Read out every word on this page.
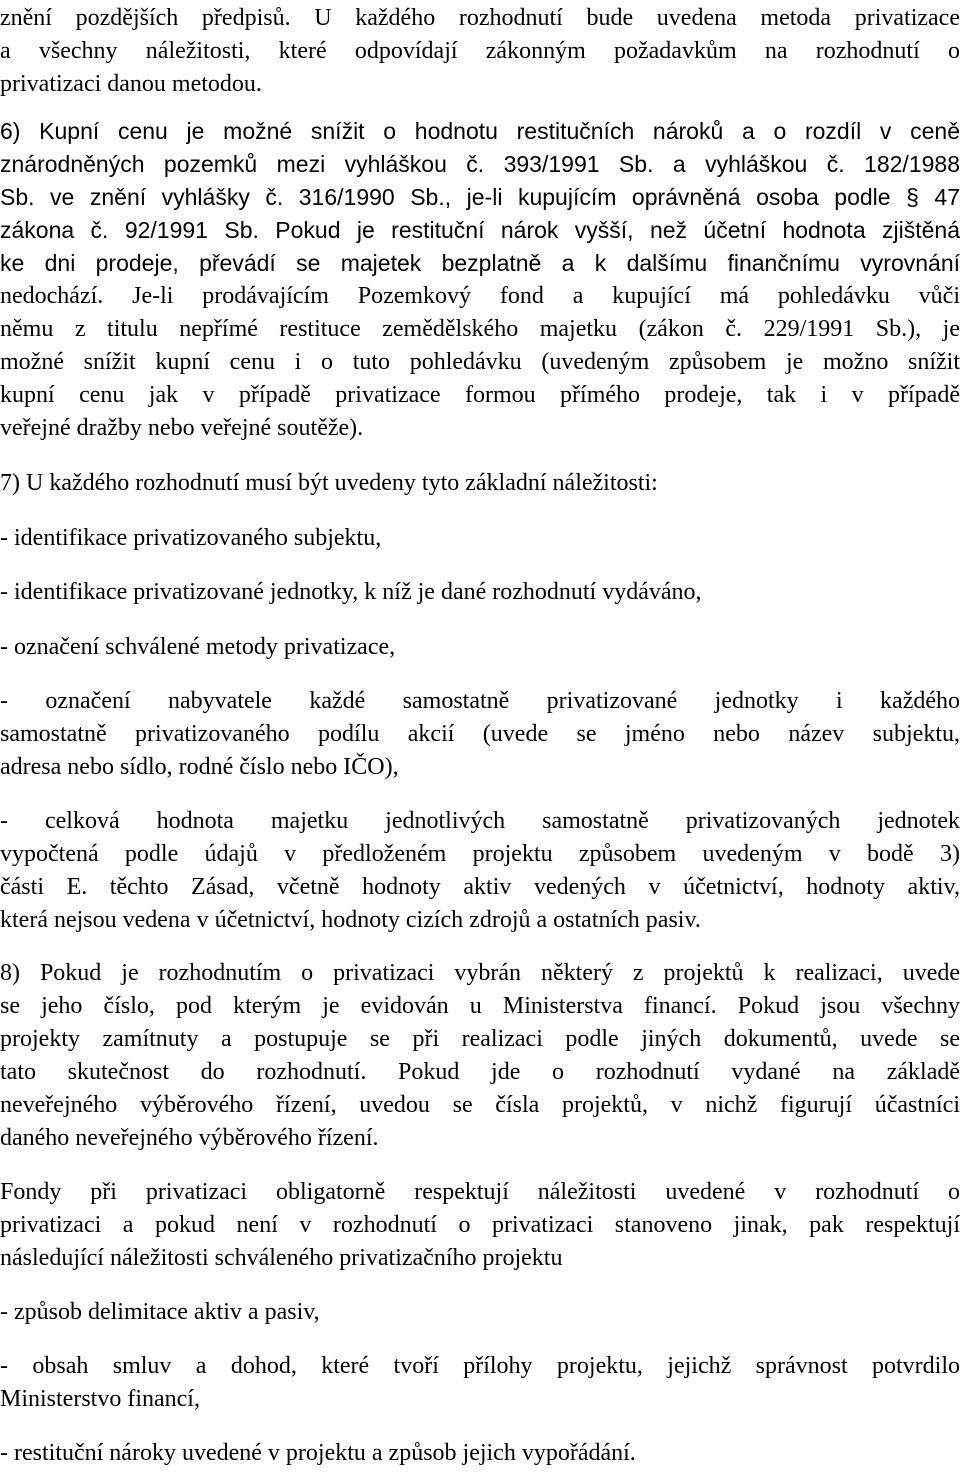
znění pozdějších předpisů. U každého rozhodnutí bude uvedena metoda privatizace
a všechny náležitosti, které odpovídají zákonným požadavkům na rozhodnutí o
privatizaci danou metodou.
6) Kupní cenu je možné snížit o hodnotu restitučních nároků a o rozdíl v ceně
znárodněných pozemků mezi vyhláškou č. 393/1991 Sb. a vyhláškou č. 182/1988
Sb. ve znění vyhlášky č. 316/1990 Sb., je-li kupujícím oprávněná osoba podle § 47
zákona č. 92/1991 Sb. Pokud je restituční nárok vyšší, než účetní hodnota zjištěná
ke dni prodeje, převádí se majetek bezplatně a k dalšímu finančnímu vyrovnání
nedochází. Je-li prodávajícím Pozemkový fond a kupující má pohledávku vůči
němu z titulu nepřímé restituce zemědělského majetku (zákon č. 229/1991 Sb.), je
možné snížit kupní cenu i o tuto pohledávku (uvedeným způsobem je možno snížit
kupní cenu jak v případě privatizace formou přímého prodeje, tak i v případě
veřejné dražby nebo veřejné soutěže).
7) U každého rozhodnutí musí být uvedeny tyto základní náležitosti:
- identifikace privatizovaného subjektu,
- identifikace privatizované jednotky, k níž je dané rozhodnutí vydáváno,
- označení schválené metody privatizace,
- označení nabyvatele každé samostatně privatizované jednotky i každého
samostatně privatizovaného podílu akcií (uvede se jméno nebo název subjektu,
adresa nebo sídlo, rodné číslo nebo IČO),
- celková hodnota majetku jednotlivých samostatně privatizovaných jednotek
vypočtená podle údajů v předloženém projektu způsobem uvedeným v bodě 3)
části E. těchto Zásad, včetně hodnoty aktiv vedených v účetnictví, hodnoty aktiv,
která nejsou vedena v účetnictví, hodnoty cizích zdrojů a ostatních pasiv.
8) Pokud je rozhodnutím o privatizaci vybrán některý z projektů k realizaci, uvede
se jeho číslo, pod kterým je evidován u Ministerstva financí. Pokud jsou všechny
projekty zamítnuty a postupuje se při realizaci podle jiných dokumentů, uvede se
tato skutečnost do rozhodnutí. Pokud jde o rozhodnutí vydané na základě
neveřejného výběrového řízení, uvedou se čísla projektů, v nichž figurují účastníci
daného neveřejného výběrového řízení.
Fondy při privatizaci obligatorně respektují náležitosti uvedené v rozhodnutí o
privatizaci a pokud není v rozhodnutí o privatizaci stanoveno jinak, pak respektují
následující náležitosti schváleného privatizačního projektu
- způsob delimitace aktiv a pasiv,
- obsah smluv a dohod, které tvoří přílohy projektu, jejichž správnost potvrdilo
Ministerstvo financí,
- restituční nároky uvedené v projektu a způsob jejich vypořádání.
